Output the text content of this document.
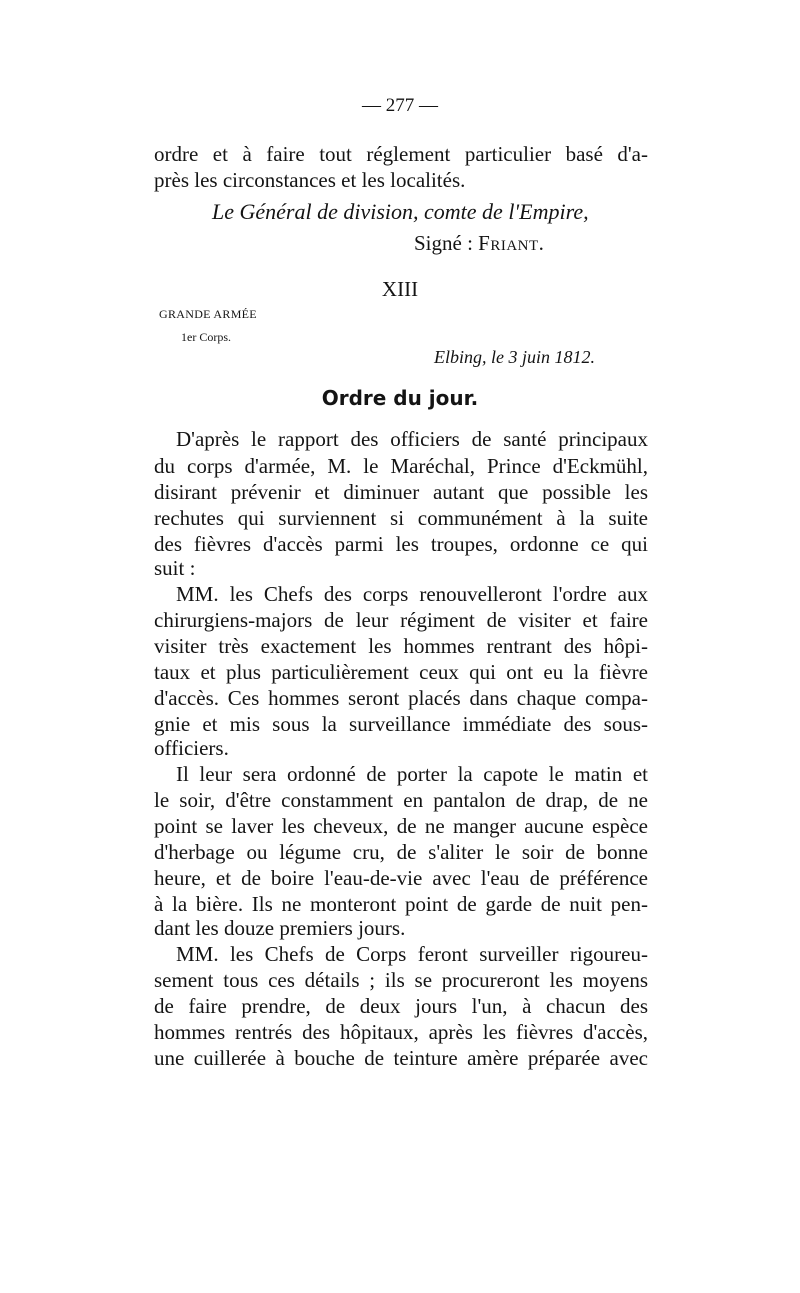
— 277 —
ordre et à faire tout réglement particulier basé d'a-
près les circonstances et les localités.
Le Général de division, comte de l'Empire,
Signé : Friant.
XIII
GRANDE ARMÉE
1er Corps.
Elbing, le 3 juin 1812.
Ordre du jour.
D'après le rapport des officiers de santé principaux
du corps d'armée, M. le Maréchal, Prince d'Eckmühl,
disirant prévenir et diminuer autant que possible les
rechutes qui surviennent si communément à la suite
des fièvres d'accès parmi les troupes, ordonne ce qui
suit :
MM. les Chefs des corps renouvelleront l'ordre aux
chirurgiens-majors de leur régiment de visiter et faire
visiter très exactement les hommes rentrant des hôpi-
taux et plus particulièrement ceux qui ont eu la fièvre
d'accès. Ces hommes seront placés dans chaque compa-
gnie et mis sous la surveillance immédiate des sous-
officiers.
Il leur sera ordonné de porter la capote le matin et
le soir, d'être constamment en pantalon de drap, de ne
point se laver les cheveux, de ne manger aucune espèce
d'herbage ou légume cru, de s'aliter le soir de bonne
heure, et de boire l'eau-de-vie avec l'eau de préférence
à la bière. Ils ne monteront point de garde de nuit pen-
dant les douze premiers jours.
MM. les Chefs de Corps feront surveiller rigoureu-
sement tous ces détails ; ils se procureront les moyens
de faire prendre, de deux jours l'un, à chacun des
hommes rentrés des hôpitaux, après les fièvres d'accès,
une cuillerée à bouche de teinture amère préparée avec
